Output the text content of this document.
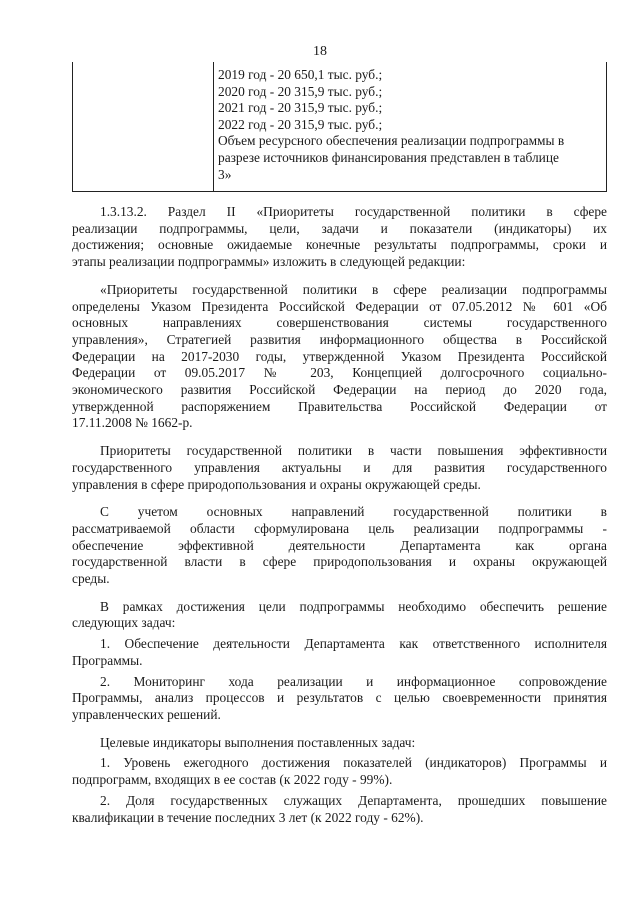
18
2019 год - 20 650,1 тыс. руб.;
2020 год - 20 315,9 тыс. руб.;
2021 год - 20 315,9 тыс. руб.;
2022 год - 20 315,9 тыс. руб.;
Объем ресурсного обеспечения реализации подпрограммы в
разрезе источников финансирования представлен в таблице
3»
1.3.13.2. Раздел II «Приоритеты государственной политики в сфере
реализации подпрограммы, цели, задачи и показатели (индикаторы) их
достижения; основные ожидаемые конечные результаты подпрограммы, сроки и
этапы реализации подпрограммы» изложить в следующей редакции:
«Приоритеты государственной политики в сфере реализации подпрограммы
определены Указом Президента Российской Федерации от 07.05.2012 № 601 «Об
основных направлениях совершенствования системы государственного
управления», Стратегией развития информационного общества в Российской
Федерации на 2017-2030 годы, утвержденной Указом Президента Российской
Федерации от 09.05.2017 № 203, Концепцией долгосрочного социально-
экономического развития Российской Федерации на период до 2020 года,
утвержденной распоряжением Правительства Российской Федерации от
17.11.2008 № 1662-р.
Приоритеты государственной политики в части повышения эффективности
государственного управления актуальны и для развития государственного
управления в сфере природопользования и охраны окружающей среды.
С учетом основных направлений государственной политики в
рассматриваемой области сформулирована цель реализации подпрограммы -
обеспечение эффективной деятельности Департамента как органа
государственной власти в сфере природопользования и охраны окружающей
среды.
В рамках достижения цели подпрограммы необходимо обеспечить решение
следующих задач:
1. Обеспечение деятельности Департамента как ответственного исполнителя
Программы.
2. Мониторинг хода реализации и информационное сопровождение
Программы, анализ процессов и результатов с целью своевременности принятия
управленческих решений.
Целевые индикаторы выполнения поставленных задач:
1. Уровень ежегодного достижения показателей (индикаторов) Программы и
подпрограмм, входящих в ее состав (к 2022 году - 99%).
2. Доля государственных служащих Департамента, прошедших повышение
квалификации в течение последних 3 лет (к 2022 году - 62%).
